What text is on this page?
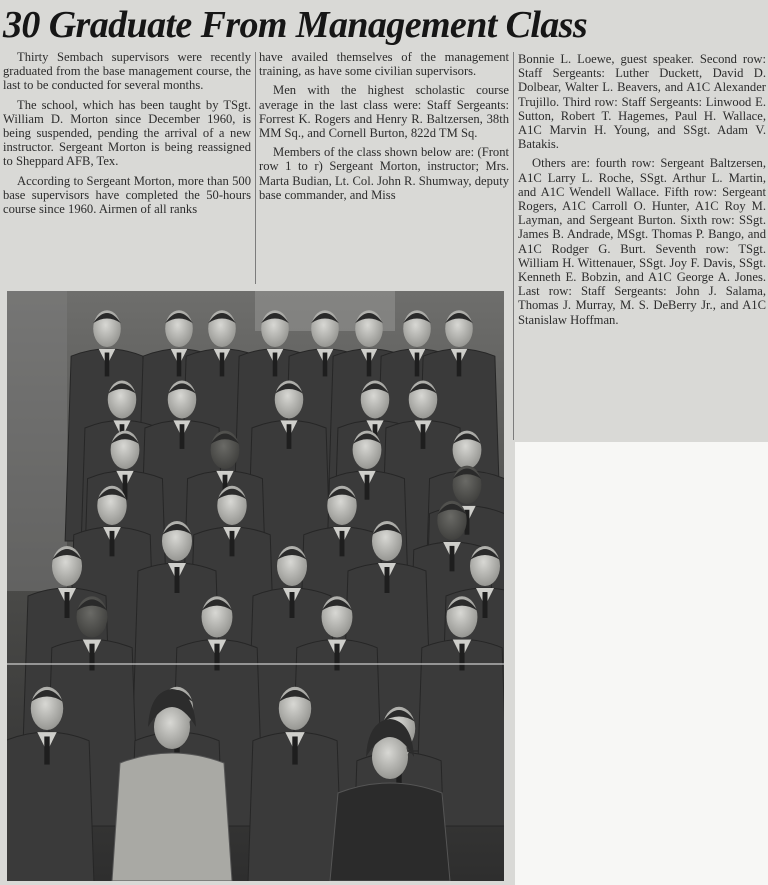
30 Graduate From Management Class

Thirty Sembach supervisors were recently graduated from the base management course, the last to be conducted for several months.

The school, which has been taught by TSgt. William D. Morton since December 1960, is being suspended, pending the arrival of a new instructor. Sergeant Morton is being reassigned to Sheppard AFB, Tex.

According to Sergeant Morton, more than 500 base supervisors have completed the 50-hours course since 1960. Airmen of all ranks

have availed themselves of the management training, as have some civilian supervisors.

Men with the highest scholastic course average in the last class were: Staff Sergeants: Forrest K. Rogers and Henry R. Baltzersen, 38th MM Sq., and Cornell Burton, 822d TM Sq.

Members of the class shown below are: (Front row 1 to r) Sergeant Morton, instructor; Mrs. Marta Budian, Lt. Col. John R. Shumway, deputy base commander, and Miss

Bonnie L. Loewe, guest speaker. Second row: Staff Sergeants: Luther Duckett, David D. Dolbear, Walter L. Beavers, and A1C Alexander Trujillo. Third row: Staff Sergeants: Linwood E. Sutton, Robert T. Hagemes, Paul H. Wallace, A1C Marvin H. Young, and SSgt. Adam V. Batakis.

Others are: fourth row: Sergeant Baltzersen, A1C Larry L. Roche, SSgt. Arthur L. Martin, and A1C Wendell Wallace. Fifth row: Sergeant Rogers, A1C Carroll O. Hunter, A1C Roy M. Layman, and Sergeant Burton. Sixth row: SSgt. James B. Andrade, MSgt. Thomas P. Bango, and A1C Rodger G. Burt. Seventh row: TSgt. William H. Wittenauer, SSgt. Joy F. Davis, SSgt. Kenneth E. Bobzin, and A1C George A. Jones. Last row: Staff Sergeants: John J. Salama, Thomas J. Murray, M. S. DeBerry Jr., and A1C Stanislaw Hoffman.
